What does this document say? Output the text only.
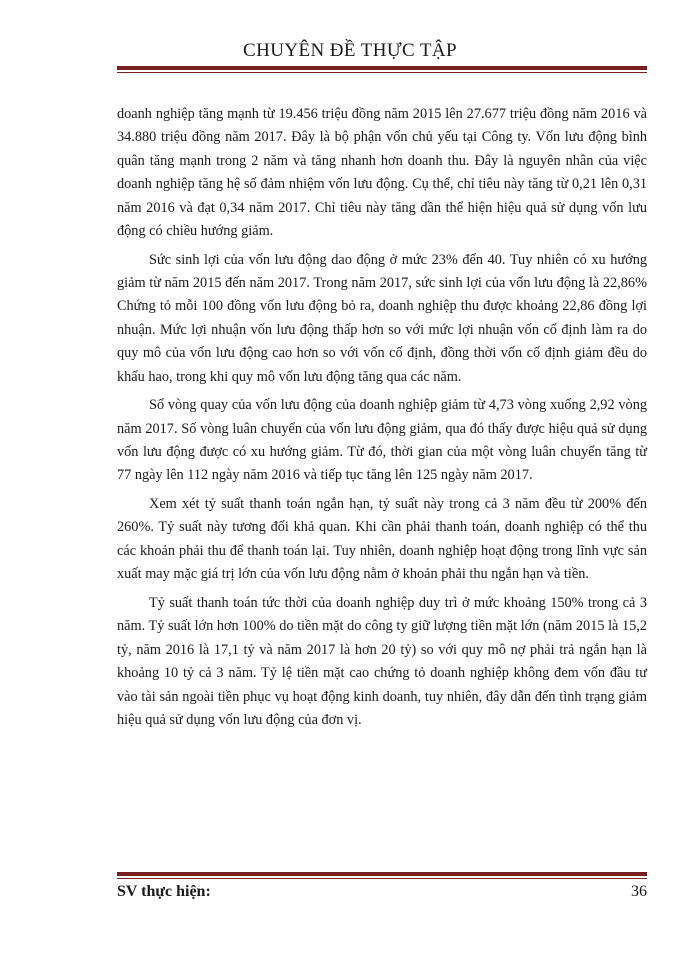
CHUYÊN ĐỀ THỰC TẬP

doanh nghiệp tăng mạnh từ 19.456 triệu đồng năm 2015 lên 27.677 triệu đồng năm 2016 và 34.880 triệu đồng năm 2017. Đây là bộ phận vốn chủ yếu tại Công ty. Vốn lưu động bình quân tăng mạnh trong 2 năm và tăng nhanh hơn doanh thu. Đây là nguyên nhân của việc doanh nghiệp tăng hệ số đảm nhiệm vốn lưu động. Cụ thể, chỉ tiêu này tăng từ 0,21 lên 0,31 năm 2016 và đạt 0,34 năm 2017. Chỉ tiêu này tăng dần thể hiện hiệu quả sử dụng vốn lưu động có chiều hướng giảm.

Sức sinh lợi của vốn lưu động dao động ở mức 23% đến 40. Tuy nhiên có xu hướng giảm từ năm 2015 đến năm 2017. Trong năm 2017, sức sinh lợi của vốn lưu động là 22,86% Chứng tỏ mỗi 100 đồng vốn lưu động bỏ ra, doanh nghiệp thu được khoảng 22,86 đồng lợi nhuận. Mức lợi nhuận vốn lưu động thấp hơn so với mức lợi nhuận vốn cố định làm ra do quy mô của vốn lưu động cao hơn so với vốn cố định, đồng thời vốn cố định giảm đều do khấu hao, trong khi quy mô vốn lưu động tăng qua các năm.

Số vòng quay của vốn lưu động của doanh nghiệp giảm từ 4,73 vòng xuống 2,92 vòng năm 2017. Số vòng luân chuyển của vốn lưu động giảm, qua đó thấy được hiệu quả sử dụng vốn lưu động được có xu hướng giảm. Từ đó, thời gian của một vòng luân chuyển tăng từ 77 ngày lên 112 ngày năm 2016 và tiếp tục tăng lên 125 ngày năm 2017.

Xem xét tỷ suất thanh toán ngắn hạn, tỷ suất này trong cả 3 năm đều từ 200% đến 260%. Tỷ suất này tương đối khả quan. Khi cần phải thanh toán, doanh nghiệp có thể thu các khoản phải thu để thanh toán lại. Tuy nhiên, doanh nghiệp hoạt động trong lĩnh vực sản xuất may mặc giá trị lớn của vốn lưu động nằm ở khoản phải thu ngắn hạn và tiền.

Tỷ suất thanh toán tức thời của doanh nghiệp duy trì ở mức khoảng 150% trong cả 3 năm. Tỷ suất lớn hơn 100% do tiền mặt do công ty giữ lượng tiền mặt lớn (năm 2015 là 15,2 tỷ, năm 2016 là 17,1 tỷ và năm 2017 là hơn 20 tỷ) so với quy mô nợ phải trả ngắn hạn là khoảng 10 tỷ cả 3 năm. Tỷ lệ tiền mặt cao chứng tỏ doanh nghiệp không đem vốn đầu tư vào tài sản ngoài tiền phục vụ hoạt động kinh doanh, tuy nhiên, đây dẫn đến tình trạng giảm hiệu quả sử dụng vốn lưu động của đơn vị.

SV thực hiện:	36
